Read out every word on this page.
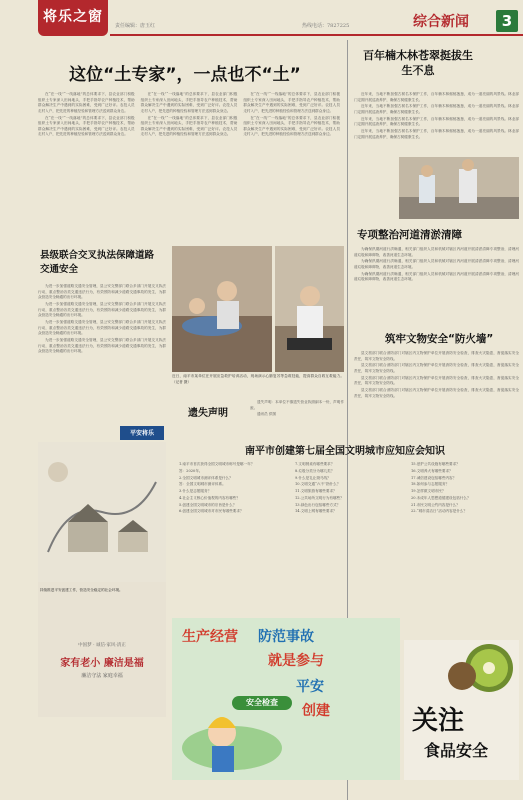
将乐之窗
责任编辑：唐玉红	热线电话：7827225	综合新闻	3
这位“土专家”，一点也不“土”

在“在一线”“一线落地”的总体要求下，县农业部门积极组织土专家深入田间地头，手把手指导农户种植技术，帮助群众解决生产中遇到的实际困难，受到广泛好评。农技人员走村入户，把先进的种植经验和管理方法送到群众身边。

在“在一线”“一线落地”的总体要求下，县农业部门积极组织土专家深入田间地头，手把手指导农户种植技术，帮助群众解决生产中遇到的实际困难，受到广泛好评。农技人员走村入户，把先进的种植经验和管理方法送到群众身边。

在“在一线”“一线落地”的总体要求下，县农业部门积极组织土专家深入田间地头，手把手指导农户种植技术，帮助群众解决生产中遇到的实际困难，受到广泛好评。农技人员走村入户，把先进的种植经验和管理方法送到群众身边。

在“在一线”“一线落地”的总体要求下，县农业部门积极组织土专家深入田间地头，手把手指导农户种植技术，帮助群众解决生产中遇到的实际困难，受到广泛好评。农技人员走村入户，把先进的种植经验和管理方法送到群众身边。

在“在一线”“一线落地”的总体要求下，县农业部门积极组织土专家深入田间地头，手把手指导农户种植技术，帮助群众解决生产中遇到的实际困难，受到广泛好评。农技人员走村入户，把先进的种植经验和管理方法送到群众身边。

在“在一线”“一线落地”的总体要求下，县农业部门积极组织土专家深入田间地头，手把手指导农户种植技术，帮助群众解决生产中遇到的实际困难，受到广泛好评。农技人员走村入户，把先进的种植经验和管理方法送到群众身边。

百年楠木林苍翠挺拔生生不息

近年来，当地不断加强古树名木保护工作，百年楠木林郁郁葱葱，成为一道亮丽的风景线。林业部门定期开展巡查养护，确保古树健康生长。

近年来，当地不断加强古树名木保护工作，百年楠木林郁郁葱葱，成为一道亮丽的风景线。林业部门定期开展巡查养护，确保古树健康生长。

近年来，当地不断加强古树名木保护工作，百年楠木林郁郁葱葱，成为一道亮丽的风景线。林业部门定期开展巡查养护，确保古树健康生长。

近年来，当地不断加强古树名木保护工作，百年楠木林郁郁葱葱，成为一道亮丽的风景线。林业部门定期开展巡查养护，确保古树健康生长。

县级联合交叉执法保障道路交通安全

为进一步加强道路交通安全管理，县公安交警部门联合多部门开展交叉执法行动，重点整治各类交通违法行为，有效预防和减少道路交通事故的发生，为群众营造安全畅通的出行环境。

为进一步加强道路交通安全管理，县公安交警部门联合多部门开展交叉执法行动，重点整治各类交通违法行为，有效预防和减少道路交通事故的发生，为群众营造安全畅通的出行环境。

为进一步加强道路交通安全管理，县公安交警部门联合多部门开展交叉执法行动，重点整治各类交通违法行为，有效预防和减少道路交通事故的发生，为群众营造安全畅通的出行环境。

为进一步加强道路交通安全管理，县公安交警部门联合多部门开展交叉执法行动，重点整治各类交通违法行为，有效预防和减少道路交通事故的发生，为群众营造安全畅通的出行环境。

平安将乐
近日，南平市某单位在开展应急救护培训活动，现场演示心肺复苏等急救技能，提高群众自救互救能力。 （记者 摄）
遗失声明

遗失声明：本单位不慎遗失营业执照副本一份，声明作废。

通讯员 供图

专项整治河道清淤清障

为确保汛期河道行洪畅通，相关部门组织人员和机械对辖区内河道开展清淤清障专项整治，清理河道垃圾和障碍物，改善河道生态环境。

为确保汛期河道行洪畅通，相关部门组织人员和机械对辖区内河道开展清淤清障专项整治，清理河道垃圾和障碍物，改善河道生态环境。

为确保汛期河道行洪畅通，相关部门组织人员和机械对辖区内河道开展清淤清障专项整治，清理河道垃圾和障碍物，改善河道生态环境。

筑牢文物安全“防火墙”

县文旅部门联合消防部门对辖区内文物保护单位开展消防安全检查，排查火灾隐患，督促落实安全责任，筑牢文物安全防线。

县文旅部门联合消防部门对辖区内文物保护单位开展消防安全检查，排查火灾隐患，督促落实安全责任，筑牢文物安全防线。

县文旅部门联合消防部门对辖区内文物保护单位开展消防安全检查，排查火灾隐患，督促落实安全责任，筑牢文物安全防线。

县文旅部门联合消防部门对辖区内文物保护单位开展消防安全检查，排查火灾隐患，督促落实安全责任，筑牢文物安全防线。

持续推进平安创建工作，营造安全稳定的社会环境。
中国梦 · 诚信·家风·清正
家有老小 廉洁是福
廉洁守法 家庭幸福
南平市创建第七届全国文明城市应知应会知识

1.南平市首次获得全国文明城市称号是哪一年？

答：2020年。

2.全国文明城市测评体系是什么？

答：全国文明城市测评体系。

3.什么是志愿服务？

4.社会主义核心价值观的内容有哪些？

5.创建全国文明城市的宗旨是什么？

6.创建全国文明城市对市民有哪些要求？

7.文明餐桌有哪些要求？

8.垃圾分类分为哪几类？

9.什么是礼让斑马线？

10.文明交通“六不”指什么？

11.文明旅游有哪些要求？

12.公共场所文明行为有哪些？

13.绿色出行包括哪些方式？

14.文明上网有哪些要求？

15.爱护公共设施有哪些要求？

16.文明养犬有哪些要求？

17.诚信建设包括哪些内容？

18.如何参与志愿服务？

19.怎样做文明市民？

20.未成年人思想道德建设包括什么？

21.市民文明公约内容是什么？

22.“城市清洁日”活动内容是什么？

生产经营	防范事故
就是参与
平安
创建
安全检查
关注
食品安全
